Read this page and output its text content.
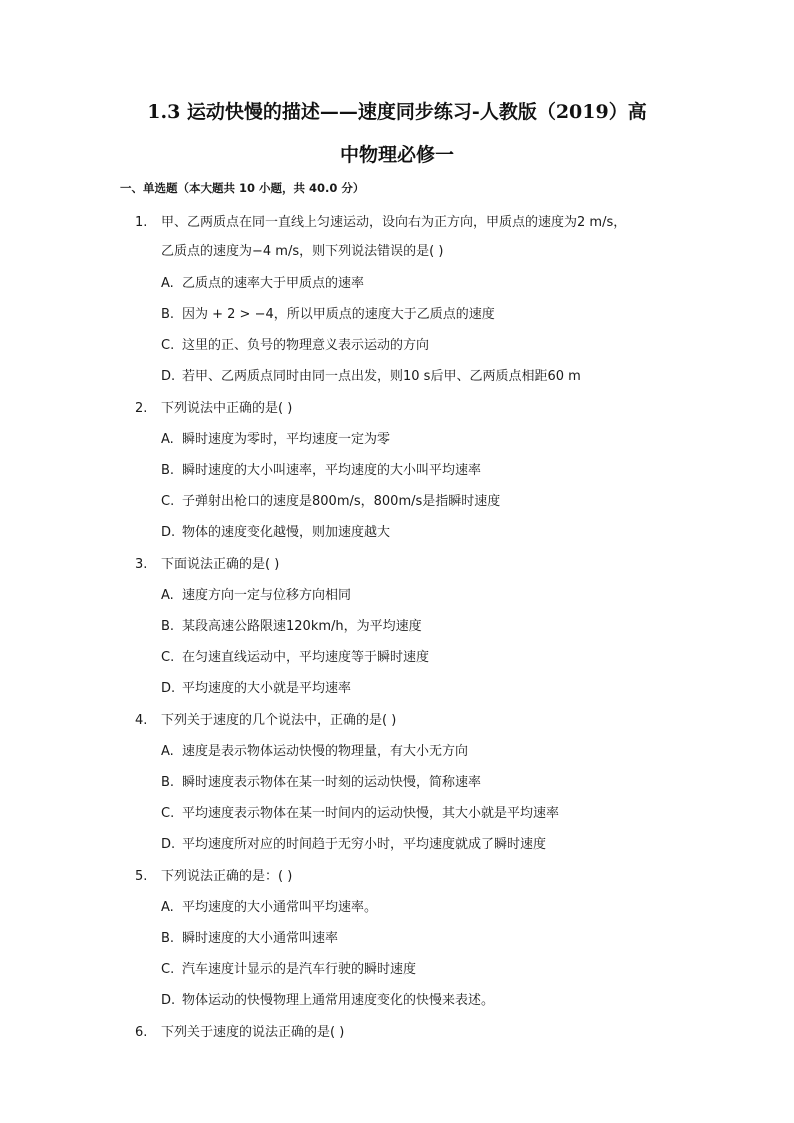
1.3 运动快慢的描述——速度同步练习-人教版（2019）高
中物理必修一
一、单选题（本大题共 10 小题，共 40.0 分）
1. 甲、乙两质点在同一直线上匀速运动，设向右为正方向，甲质点的速度为2 m/s，
乙质点的速度为−4 m/s，则下列说法错误的是( )
A. 乙质点的速率大于甲质点的速率
B. 因为 + 2 > −4，所以甲质点的速度大于乙质点的速度
C. 这里的正、负号的物理意义表示运动的方向
D. 若甲、乙两质点同时由同一点出发，则10 s后甲、乙两质点相距60 m
2. 下列说法中正确的是( )
A. 瞬时速度为零时，平均速度一定为零
B. 瞬时速度的大小叫速率，平均速度的大小叫平均速率
C. 子弹射出枪口的速度是800m/s，800m/s是指瞬时速度
D. 物体的速度变化越慢，则加速度越大
3. 下面说法正确的是( )
A. 速度方向一定与位移方向相同
B. 某段高速公路限速120km/h，为平均速度
C. 在匀速直线运动中，平均速度等于瞬时速度
D. 平均速度的大小就是平均速率
4. 下列关于速度的几个说法中，正确的是( )
A. 速度是表示物体运动快慢的物理量，有大小无方向
B. 瞬时速度表示物体在某一时刻的运动快慢，简称速率
C. 平均速度表示物体在某一时间内的运动快慢，其大小就是平均速率
D. 平均速度所对应的时间趋于无穷小时，平均速度就成了瞬时速度
5. 下列说法正确的是：( )
A. 平均速度的大小通常叫平均速率。
B. 瞬时速度的大小通常叫速率
C. 汽车速度计显示的是汽车行驶的瞬时速度
D. 物体运动的快慢物理上通常用速度变化的快慢来表述。
6. 下列关于速度的说法正确的是( )
